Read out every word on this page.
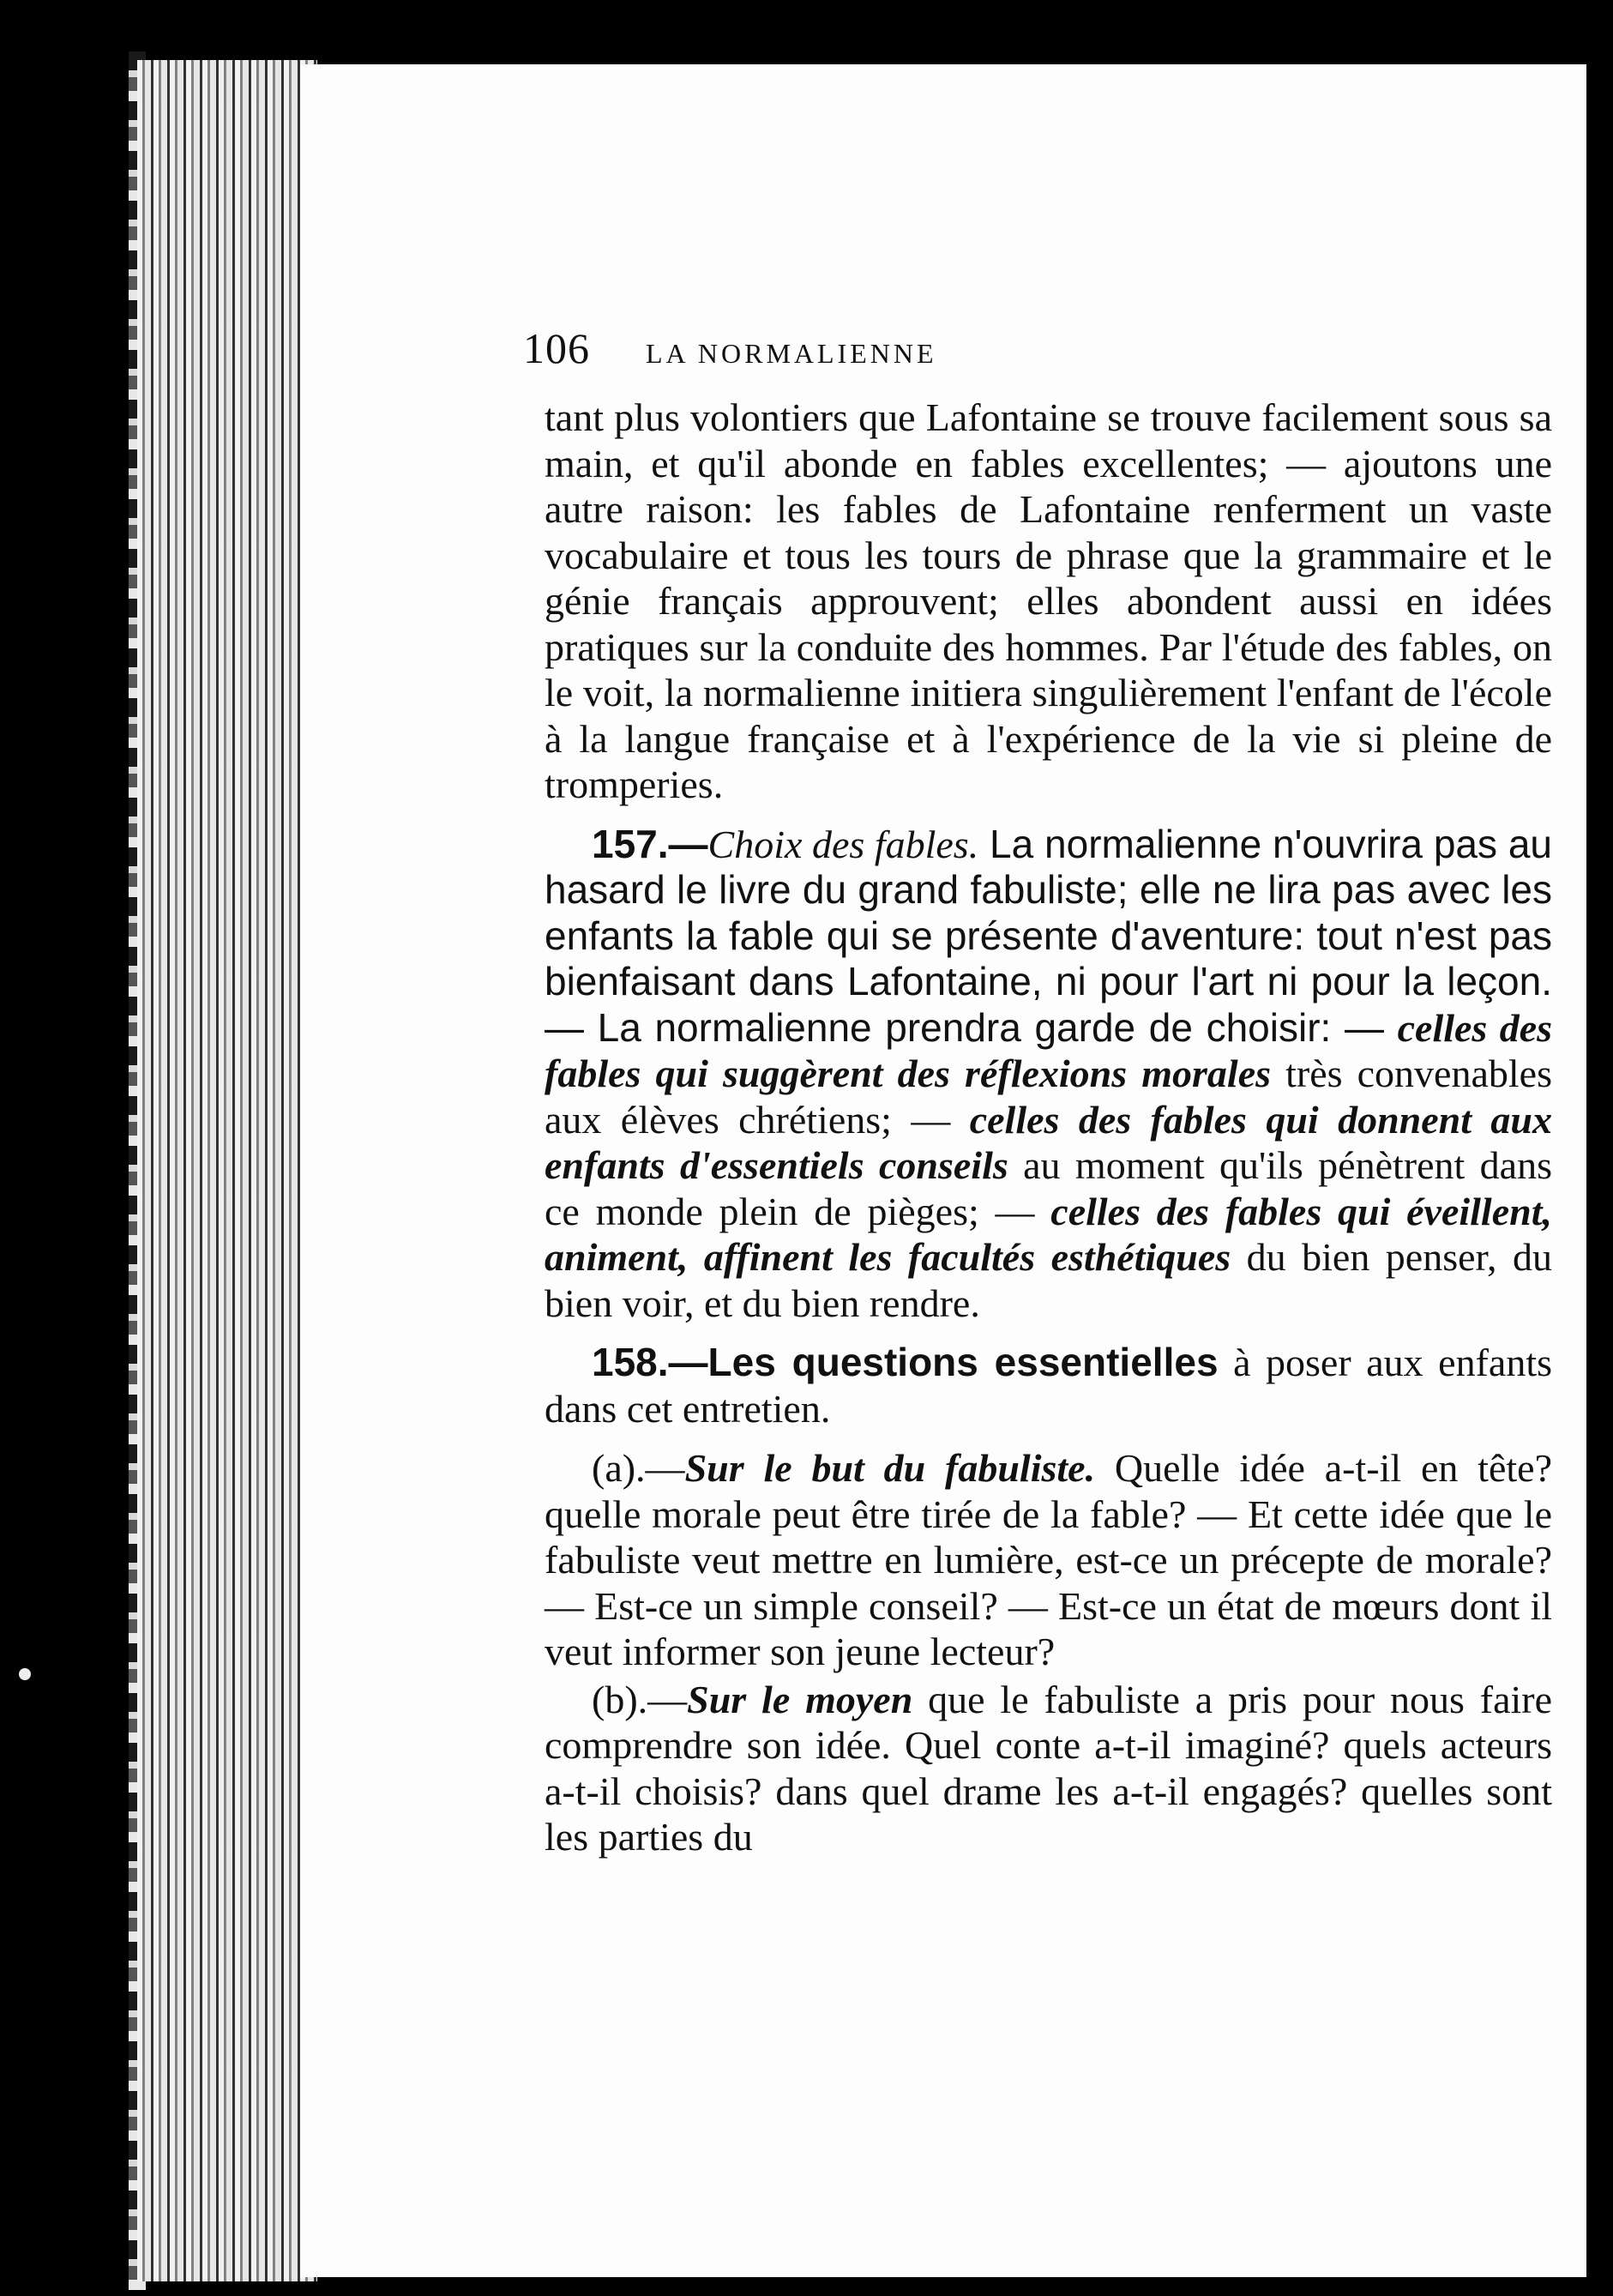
106 LA NORMALIENNE

tant plus volontiers que Lafontaine se trouve facilement sous sa main, et qu'il abonde en fables excellentes; — ajoutons une autre raison: les fables de Lafontaine renferment un vaste vocabulaire et tous les tours de phrase que la grammaire et le génie français approuvent; elles abondent aussi en idées pratiques sur la conduite des hommes. Par l'étude des fables, on le voit, la normalienne initiera singulièrement l'enfant de l'école à la langue française et à l'expérience de la vie si pleine de tromperies.

157.—Choix des fables. La normalienne n'ouvrira pas au hasard le livre du grand fabuliste; elle ne lira pas avec les enfants la fable qui se présente d'aventure: tout n'est pas bienfaisant dans Lafontaine, ni pour l'art ni pour la leçon. — La normalienne prendra garde de choisir: — celles des fables qui suggèrent des réflexions morales très convenables aux élèves chrétiens; — celles des fables qui donnent aux enfants d'essentiels conseils au moment qu'ils pénètrent dans ce monde plein de pièges; — celles des fables qui éveillent, animent, affinent les facultés esthétiques du bien penser, du bien voir, et du bien rendre.

158.—Les questions essentielles à poser aux enfants dans cet entretien.

(a).—Sur le but du fabuliste. Quelle idée a-t-il en tête? quelle morale peut être tirée de la fable? — Et cette idée que le fabuliste veut mettre en lumière, est-ce un précepte de morale? — Est-ce un simple conseil? — Est-ce un état de mœurs dont il veut informer son jeune lecteur?

(b).—Sur le moyen que le fabuliste a pris pour nous faire comprendre son idée. Quel conte a-t-il imaginé? quels acteurs a-t-il choisis? dans quel drame les a-t-il engagés? quelles sont les parties du
